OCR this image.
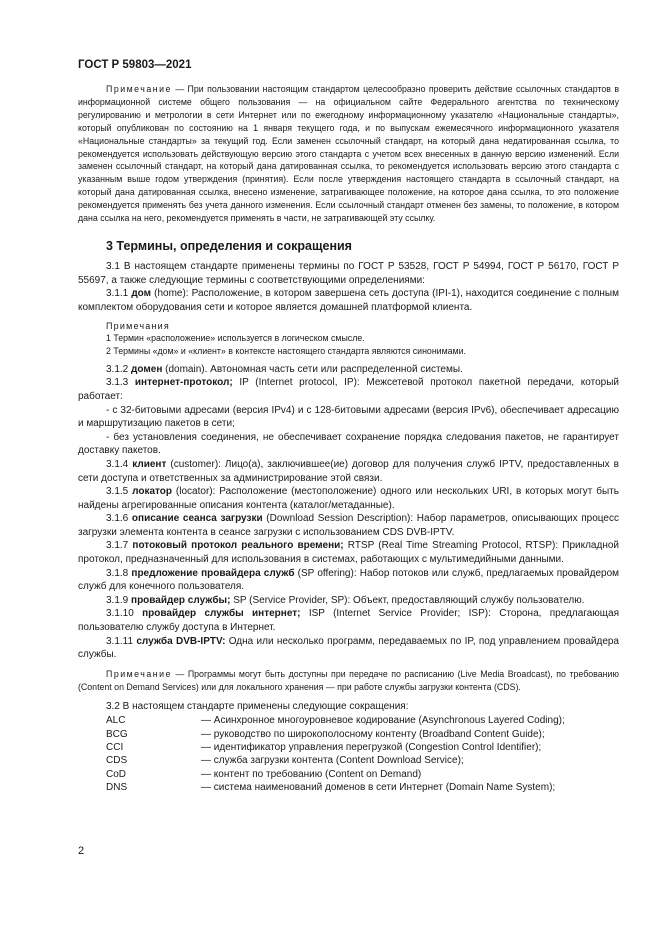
ГОСТ Р 59803—2021

Примечание — При пользовании настоящим стандартом целесообразно проверить действие ссылочных стандартов в информационной системе общего пользования — на официальном сайте Федерального агентства по техническому регулированию и метрологии в сети Интернет или по ежегодному информационному указателю «Национальные стандарты», который опубликован по состоянию на 1 января текущего года, и по выпускам ежемесячного информационного указателя «Национальные стандарты» за текущий год. Если заменен ссылочный стандарт, на который дана недатированная ссылка, то рекомендуется использовать действующую версию этого стандарта с учетом всех внесенных в данную версию изменений. Если заменен ссылочный стандарт, на который дана датированная ссылка, то рекомендуется использовать версию этого стандарта с указанным выше годом утверждения (принятия). Если после утверждения настоящего стандарта в ссылочный стандарт, на который дана датированная ссылка, внесено изменение, затрагивающее положение, на которое дана ссылка, то это положение рекомендуется применять без учета данного изменения. Если ссылочный стандарт отменен без замены, то положение, в котором дана ссылка на него, рекомендуется применять в части, не затрагивающей эту ссылку.

3 Термины, определения и сокращения

3.1 В настоящем стандарте применены термины по ГОСТ Р 53528, ГОСТ Р 54994, ГОСТ Р 56170, ГОСТ Р 55697, а также следующие термины с соответствующими определениями:

3.1.1 дом (home): Расположение, в котором завершена сеть доступа (IPI-1), находится соединение с полным комплектом оборудования сети и которое является домашней платформой клиента.

Примечания

1 Термин «расположение» используется в логическом смысле.

2 Термины «дом» и «клиент» в контексте настоящего стандарта являются синонимами.

3.1.2 домен (domain). Автономная часть сети или распределенной системы.

3.1.3 интернет-протокол; IP (Internet protocol, IP): Межсетевой протокол пакетной передачи, который работает:

- с 32-битовыми адресами (версия IPv4) и с 128-битовыми адресами (версия IPv6), обеспечивает адресацию и маршрутизацию пакетов в сети;

- без установления соединения, не обеспечивает сохранение порядка следования пакетов, не гарантирует доставку пакетов.

3.1.4 клиент (customer): Лицо(а), заключившее(ие) договор для получения служб IPTV, предоставленных в сети доступа и ответственных за администрирование этой связи.

3.1.5 локатор (locator): Расположение (местоположение) одного или нескольких URI, в которых могут быть найдены агрегированные описания контента (каталог/метаданные).

3.1.6 описание сеанса загрузки (Download Session Description): Набор параметров, описывающих процесс загрузки элемента контента в сеансе загрузки с использованием CDS DVB-IPTV.

3.1.7 потоковый протокол реального времени; RTSP (Real Time Streaming Protocol, RTSP): Прикладной протокол, предназначенный для использования в системах, работающих с мультимедийными данными.

3.1.8 предложение провайдера служб (SP offering): Набор потоков или служб, предлагаемых провайдером служб для конечного пользователя.

3.1.9 провайдер службы; SP (Service Provider, SP): Объект, предоставляющий службу пользователю.

3.1.10 провайдер службы интернет; ISP (Internet Service Provider; ISP): Сторона, предлагающая пользователю службу доступа в Интернет.

3.1.11 служба DVB-IPTV: Одна или несколько программ, передаваемых по IP, под управлением провайдера службы.

Примечание — Программы могут быть доступны при передаче по расписанию (Live Media Broadcast), по требованию (Content on Demand Services) или для локального хранения — при работе службы загрузки контента (CDS).

3.2 В настоящем стандарте применены следующие сокращения:

ALC	— Асинхронное многоуровневое кодирование (Asynchronous Layered Coding);
BCG	— руководство по широкополосному контенту (Broadband Content Guide);
CCI	— идентификатор управления перегрузкой (Congestion Control Identifier);
CDS	— служба загрузки контента (Content Download Service);
CoD	— контент по требованию (Content on Demand)
DNS	— система наименований доменов в сети Интернет (Domain Name System);
2
